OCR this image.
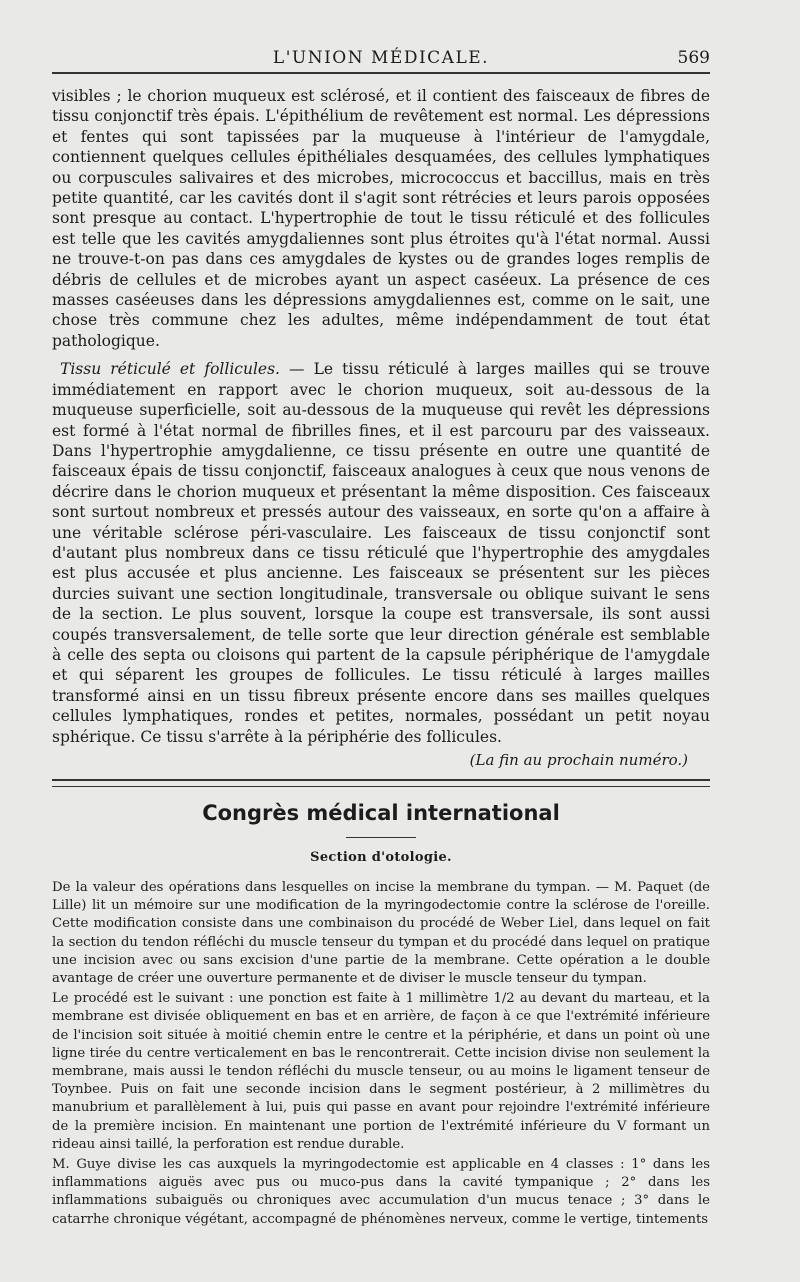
L'UNION MÉDICALE.	569

visibles ; le chorion muqueux est sclérosé, et il contient des faisceaux de fibres de tissu conjonctif très épais. L'épithélium de revêtement est normal. Les dépressions et fentes qui sont tapissées par la muqueuse à l'intérieur de l'amygdale, contiennent quelques cellules épithéliales desquamées, des cellules lymphatiques ou corpuscules salivaires et des microbes, micrococcus et baccillus, mais en très petite quantité, car les cavités dont il s'agit sont rétrécies et leurs parois opposées sont presque au contact. L'hypertrophie de tout le tissu réticulé et des follicules est telle que les cavités amygdaliennes sont plus étroites qu'à l'état normal. Aussi ne trouve-t-on pas dans ces amygdales de kystes ou de grandes loges remplis de débris de cellules et de microbes ayant un aspect caséeux. La présence de ces masses caséeuses dans les dépressions amygdaliennes est, comme on le sait, une chose très commune chez les adultes, même indépendamment de tout état pathologique.

Tissu réticulé et follicules. — Le tissu réticulé à larges mailles qui se trouve immédiatement en rapport avec le chorion muqueux, soit au-dessous de la muqueuse superficielle, soit au-dessous de la muqueuse qui revêt les dépressions est formé à l'état normal de fibrilles fines, et il est parcouru par des vaisseaux. Dans l'hypertrophie amygdalienne, ce tissu présente en outre une quantité de faisceaux épais de tissu conjonctif, faisceaux analogues à ceux que nous venons de décrire dans le chorion muqueux et présentant la même disposition. Ces faisceaux sont surtout nombreux et pressés autour des vaisseaux, en sorte qu'on a affaire à une véritable sclérose péri-vasculaire. Les faisceaux de tissu conjonctif sont d'autant plus nombreux dans ce tissu réticulé que l'hypertrophie des amygdales est plus accusée et plus ancienne. Les faisceaux se présentent sur les pièces durcies suivant une section longitudinale, transversale ou oblique suivant le sens de la section. Le plus souvent, lorsque la coupe est transversale, ils sont aussi coupés transversalement, de telle sorte que leur direction générale est semblable à celle des septa ou cloisons qui partent de la capsule périphérique de l'amygdale et qui séparent les groupes de follicules. Le tissu réticulé à larges mailles transformé ainsi en un tissu fibreux présente encore dans ses mailles quelques cellules lymphatiques, rondes et petites, normales, possédant un petit noyau sphérique. Ce tissu s'arrête à la périphérie des follicules.

(La fin au prochain numéro.)
Congrès médical international
Section d'otologie.

De la valeur des opérations dans lesquelles on incise la membrane du tympan. — M. Paquet (de Lille) lit un mémoire sur une modification de la myringodectomie contre la sclérose de l'oreille. Cette modification consiste dans une combinaison du procédé de Weber Liel, dans lequel on fait la section du tendon réfléchi du muscle tenseur du tympan et du procédé dans lequel on pratique une incision avec ou sans excision d'une partie de la membrane. Cette opération a le double avantage de créer une ouverture permanente et de diviser le muscle tenseur du tympan.

Le procédé est le suivant : une ponction est faite à 1 millimètre 1/2 au devant du marteau, et la membrane est divisée obliquement en bas et en arrière, de façon à ce que l'extrémité inférieure de l'incision soit située à moitié chemin entre le centre et la périphérie, et dans un point où une ligne tirée du centre verticalement en bas le rencontrerait. Cette incision divise non seulement la membrane, mais aussi le tendon réfléchi du muscle tenseur, ou au moins le ligament tenseur de Toynbee. Puis on fait une seconde incision dans le segment postérieur, à 2 millimètres du manubrium et parallèlement à lui, puis qui passe en avant pour rejoindre l'extrémité inférieure de la première incision. En maintenant une portion de l'extrémité inférieure du V formant un rideau ainsi taillé, la perforation est rendue durable.

M. Guye divise les cas auxquels la myringodectomie est applicable en 4 classes : 1° dans les inflammations aiguës avec pus ou muco-pus dans la cavité tympanique ; 2° dans les inflammations subaiguës ou chroniques avec accumulation d'un mucus tenace ; 3° dans le catarrhe chronique végétant, accompagné de phénomènes nerveux, comme le vertige, tintements
